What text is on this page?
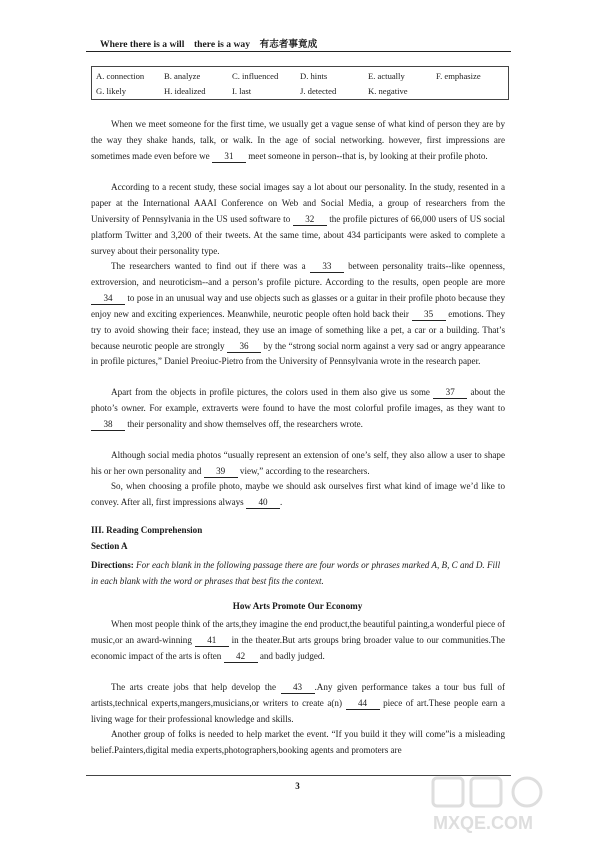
Where there is a will    there is a way    有志者事竟成
A. connection	B. analyze	C. influenced	D. hints	E. actually	F. emphasize
G. likely	H. idealized	I. last	J. detected	K. negative

When we meet someone for the first time, we usually get a vague sense of what kind of person they are by the way they shake hands, talk, or walk. In the age of social networking. however, first impressions are sometimes made even before we 31 meet someone in person--that is, by looking at their profile photo.

According to a recent study, these social images say a lot about our personality. In the study, resented in a paper at the International AAAI Conference on Web and Social Media, a group of researchers from the University of Pennsylvania in the US used software to 32 the profile pictures of 66,000 users of US social platform Twitter and 3,200 of their tweets. At the same time, about 434 participants were asked to complete a survey about their personality type.

The researchers wanted to find out if there was a 33 between personality traits--like openness, extroversion, and neuroticism--and a person’s profile picture. According to the results, open people are more 34 to pose in an unusual way and use objects such as glasses or a guitar in their profile photo because they enjoy new and exciting experiences. Meanwhile, neurotic people often hold back their 35 emotions. They try to avoid showing their face; instead, they use an image of something like a pet, a car or a building. That’s because neurotic people are strongly 36 by the “strong social norm against a very sad or angry appearance in profile pictures,” Daniel Preoiuc-Pietro from the University of Pennsylvania wrote in the research paper.

Apart from the objects in profile pictures, the colors used in them also give us some 37 about the photo’s owner. For example, extraverts were found to have the most colorful profile images, as they want to 38 their personality and show themselves off, the researchers wrote.

Although social media photos “usually represent an extension of one’s self, they also allow a user to shape his or her own personality and 39 view,” according to the researchers.

So, when choosing a profile photo, maybe we should ask ourselves first what kind of image we’d like to convey. After all, first impressions always 40 .

III. Reading Comprehension
Section A

Directions: For each blank in the following passage there are four words or phrases marked A, B, C and D. Fill in each blank with the word or phrases that best fits the context.

How Arts Promote Our Economy

When most people think of the arts,they imagine the end product,the beautiful painting,a wonderful piece of music,or an award-winning 41 in the theater.But arts groups bring broader value to our communities.The economic impact of the arts is often 42 and badly judged.

The arts create jobs that help develop the 43 .Any given performance takes a tour bus full of artists,technical experts,mangers,musicians,or writers to create a(n) 44 piece of art.These people earn a living wage for their professional knowledge and skills.

Another group of folks is needed to help market the event. “If you build it they will come”is a misleading belief.Painters,digital media experts,photographers,booking agents and promoters are

3
MXQE.COM
